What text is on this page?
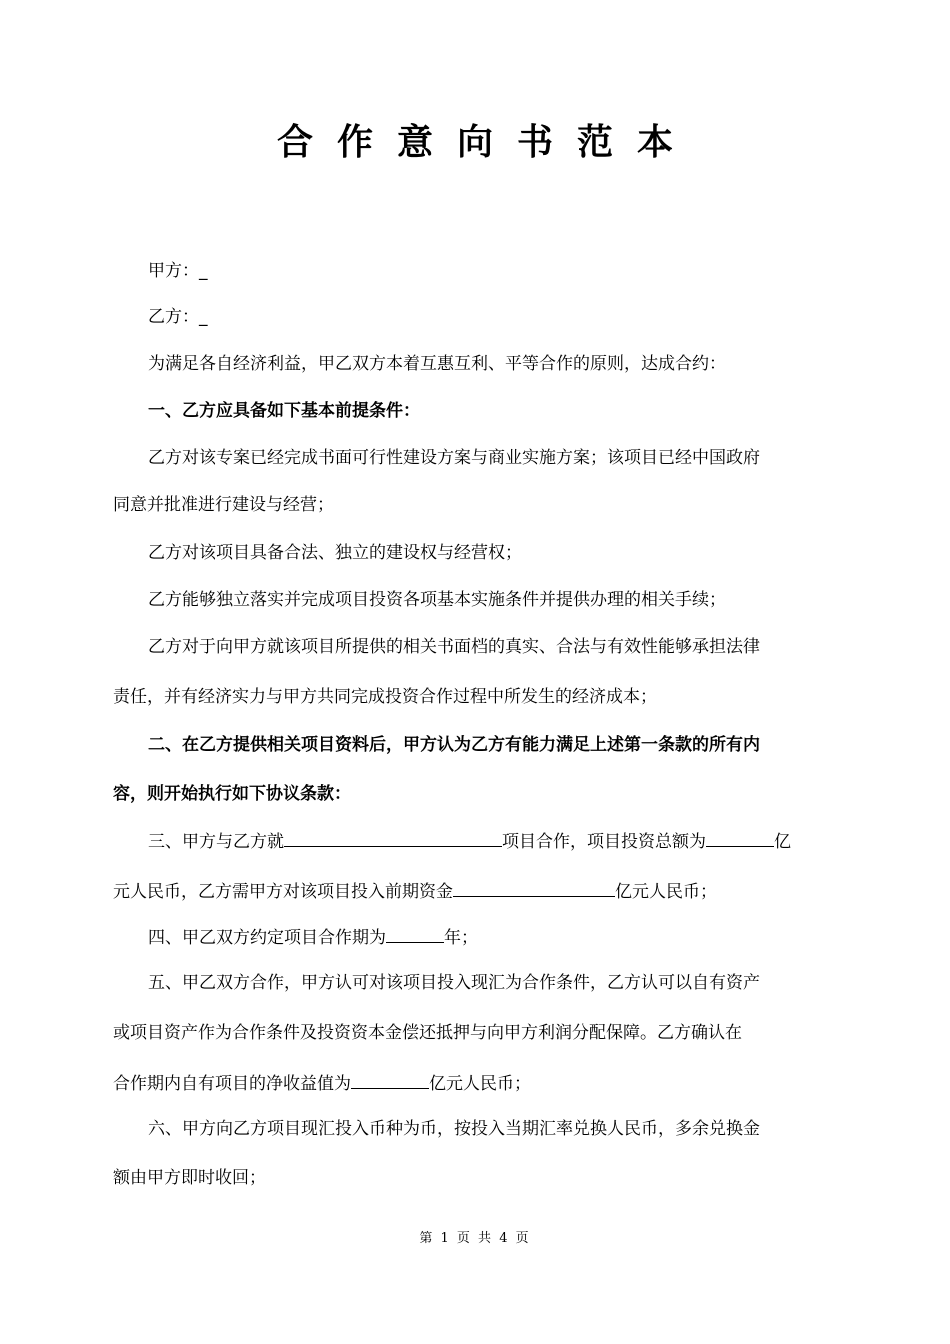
合作意向书范本
甲方：_
乙方：_
为满足各自经济利益，甲乙双方本着互惠互利、平等合作的原则，达成合约：
一、乙方应具备如下基本前提条件：
乙方对该专案已经完成书面可行性建设方案与商业实施方案；该项目已经中国政府
同意并批准进行建设与经营；
乙方对该项目具备合法、独立的建设权与经营权；
乙方能够独立落实并完成项目投资各项基本实施条件并提供办理的相关手续；
乙方对于向甲方就该项目所提供的相关书面档的真实、合法与有效性能够承担法律
责任，并有经济实力与甲方共同完成投资合作过程中所发生的经济成本；
二、在乙方提供相关项目资料后，甲方认为乙方有能力满足上述第一条款的所有内
容，则开始执行如下协议条款：
三、甲方与乙方就	项目合作，项目投资总额为	亿
元人民币，乙方需甲方对该项目投入前期资金	亿元人民币；
四、甲乙双方约定项目合作期为	年；
五、甲乙双方合作，甲方认可对该项目投入现汇为合作条件，乙方认可以自有资产
或项目资产作为合作条件及投资资本金偿还抵押与向甲方利润分配保障。乙方确认在
合作期内自有项目的净收益值为	亿元人民币；
六、甲方向乙方项目现汇投入币种为币，按投入当期汇率兑换人民币，多余兑换金
额由甲方即时收回；
第 1 页 共 4 页
